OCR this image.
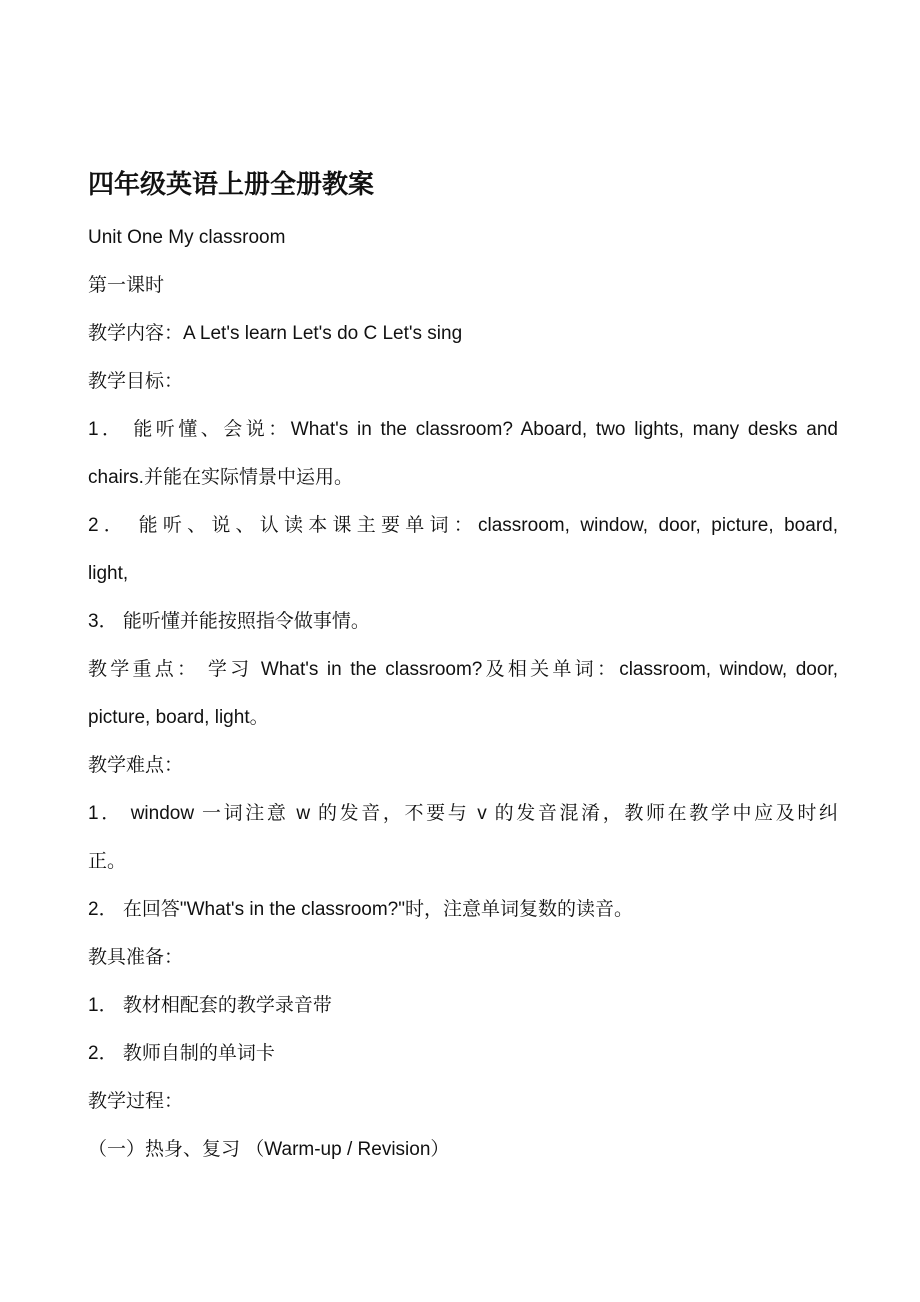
四年级英语上册全册教案
Unit One My classroom
第一课时
教学内容：A Let's learn Let's do C Let's sing
教学目标：
1． 能听懂、会说：What's in the classroom? Aboard, two lights, many desks and
chairs.并能在实际情景中运用。
2． 能听、说、认读本课主要单词：classroom, window, door, picture, board,
light,
3． 能听懂并能按照指令做事情。
教学重点： 学习 What's in the classroom?及相关单词：classroom, window, door,
picture, board, light。
教学难点：
1． window 一词注意 w 的发音，不要与 v 的发音混淆，教师在教学中应及时纠
正。
2． 在回答"What's in the classroom?"时，注意单词复数的读音。
教具准备：
1． 教材相配套的教学录音带
2． 教师自制的单词卡
教学过程：
（一）热身、复习 （Warm-up / Revision）
